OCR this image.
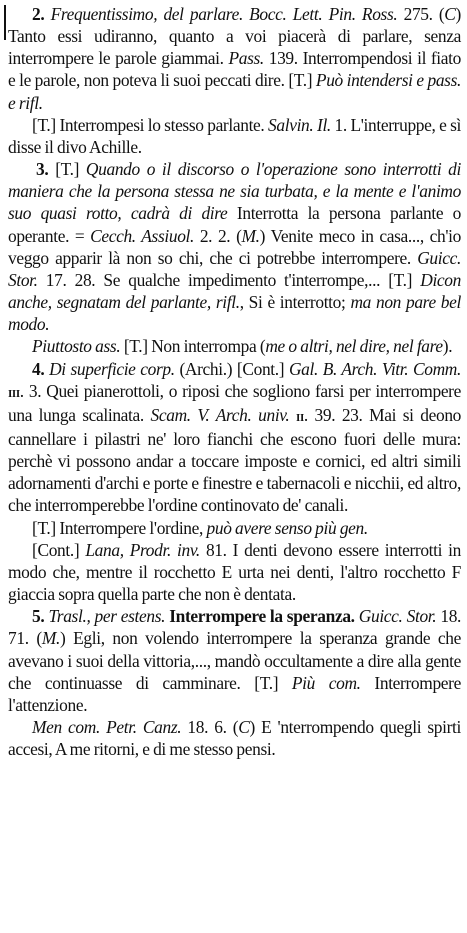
2. Frequentissimo, del parlare. Bocc. Lett. Pin. Ross. 275. (C) Tanto essi udiranno, quanto a voi piacerà di parlare, senza interrompere le parole giammai. Pass. 139. Interrompendosi il fiato e le parole, non poteva li suoi peccati dire. [T.] Può intendersi e pass. e rifl.

[T.] Interrompesi lo stesso parlante. Salvin. Il. 1. L'interruppe, e sì disse il divo Achille.

3. [T.] Quando o il discorso o l'operazione sono interrotti di maniera che la persona stessa ne sia turbata, e la mente e l'animo suo quasi rotto, cadrà di dire Interrotta la persona parlante o operante. = Cecch. Assiuol. 2. 2. (M.) Venite meco in casa..., ch'io veggo apparir là non so chi, che ci potrebbe interrompere. Guicc. Stor. 17. 28. Se qualche impedimento t'interrompe,... [T.] Dicon anche, segnatam del parlante, rifl., Si è interrotto; ma non pare bel modo.

Piuttosto ass. [T.] Non interrompa (me o altri, nel dire, nel fare).

4. Di superficie corp. (Archi.) [Cont.] Gal. B. Arch. Vitr. Comm. iii. 3. Quei pianerottoli, o riposi che sogliono farsi per interrompere una lunga scalinata. Scam. V. Arch. univ. ii. 39. 23. Mai si deono cannellare i pilastri ne' loro fianchi che escono fuori delle mura: perchè vi possono andar a toccare imposte e cornici, ed altri simili adornamenti d'archi e porte e finestre e tabernacoli e nicchii, ed altro, che interromperebbe l'ordine continovato de' canali.

[T.] Interrompere l'ordine, può avere senso più gen.

[Cont.] Lana, Prodr. inv. 81. I denti devono essere interrotti in modo che, mentre il rocchetto E urta nei denti, l'altro rocchetto F giaccia sopra quella parte che non è dentata.

5. Trasl., per estens. Interrompere la speranza. Guicc. Stor. 18. 71. (M.) Egli, non volendo interrompere la speranza grande che avevano i suoi della vittoria,..., mandò occultamente a dire alla gente che continuasse di camminare. [T.] Più com. Interrompere l'attenzione.

Men com. Petr. Canz. 18. 6. (C) E 'nterrompendo quegli spirti accesi, A me ritorni, e di me stesso pensi.
